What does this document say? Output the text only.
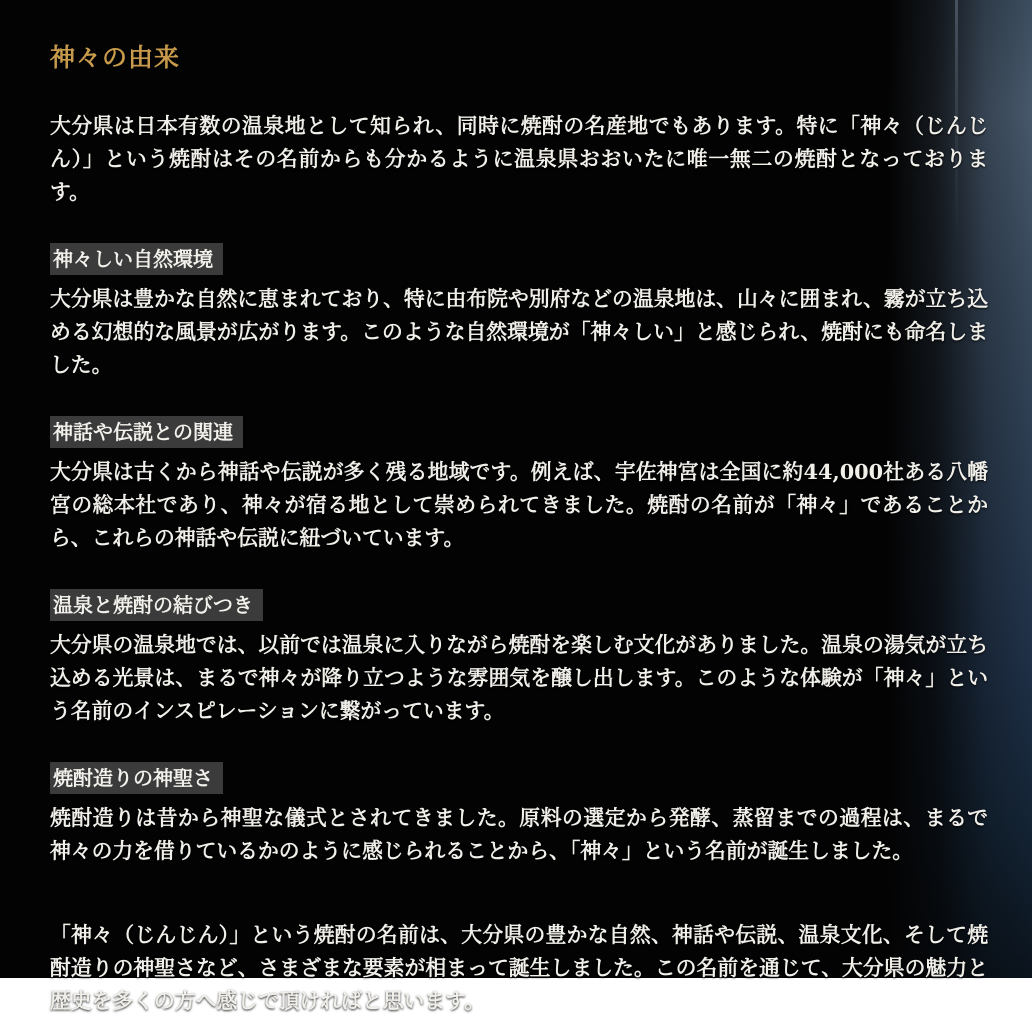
神々の由来

大分県は日本有数の温泉地として知られ、同時に焼酎の名産地でもあります。特に「神々（じんじん）」という焼酎はその名前からも分かるように温泉県おおいたに唯一無二の焼酎となっております。

神々しい自然環境

大分県は豊かな自然に恵まれており、特に由布院や別府などの温泉地は、山々に囲まれ、霧が立ち込める幻想的な風景が広がります。このような自然環境が「神々しい」と感じられ、焼酎にも命名しました。

神話や伝説との関連

大分県は古くから神話や伝説が多く残る地域です。例えば、宇佐神宮は全国に約44,000社ある八幡宮の総本社であり、神々が宿る地として崇められてきました。焼酎の名前が「神々」であることから、これらの神話や伝説に紐づいています。

温泉と焼酎の結びつき

大分県の温泉地では、以前では温泉に入りながら焼酎を楽しむ文化がありました。温泉の湯気が立ち込める光景は、まるで神々が降り立つような雰囲気を醸し出します。このような体験が「神々」という名前のインスピレーションに繋がっています。

焼酎造りの神聖さ

焼酎造りは昔から神聖な儀式とされてきました。原料の選定から発酵、蒸留までの過程は、まるで神々の力を借りているかのように感じられることから、「神々」という名前が誕生しました。

「神々（じんじん）」という焼酎の名前は、大分県の豊かな自然、神話や伝説、温泉文化、そして焼酎造りの神聖さなど、さまざまな要素が相まって誕生しました。この名前を通じて、大分県の魅力と歴史を多くの方へ感じで頂ければと思います。
